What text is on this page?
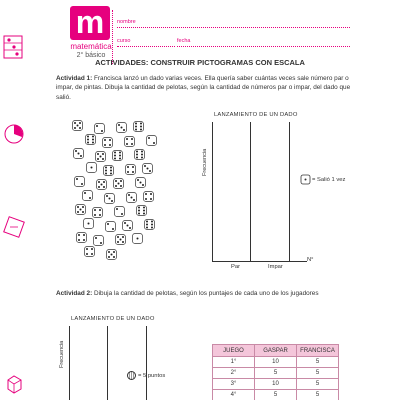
m
matemática
2° básico
nombre
curso	fecha
ACTIVIDADES: CONSTRUIR PICTOGRAMAS CON ESCALA
Actividad 1: Francisca lanzó un dado varias veces. Ella quería saber cuántas veces sale número par o impar, de pintas. Dibuja la cantidad de pelotas, según la cantidad de números par o impar, del dado que salió.
LANZAMIENTO DE UN DADO
Frecuencia
Par	Impar
N°
= Salió 1 vez
Actividad 2: Dibuja la cantidad de pelotas, según los puntajes de cada uno de los jugadores
LANZAMIENTO DE UN DADO
Frecuencia
= 5 puntos
JUEGO	GASPAR	FRANCISCA
1°	10	5
2°	5	5
3°	10	5
4°	5	5
